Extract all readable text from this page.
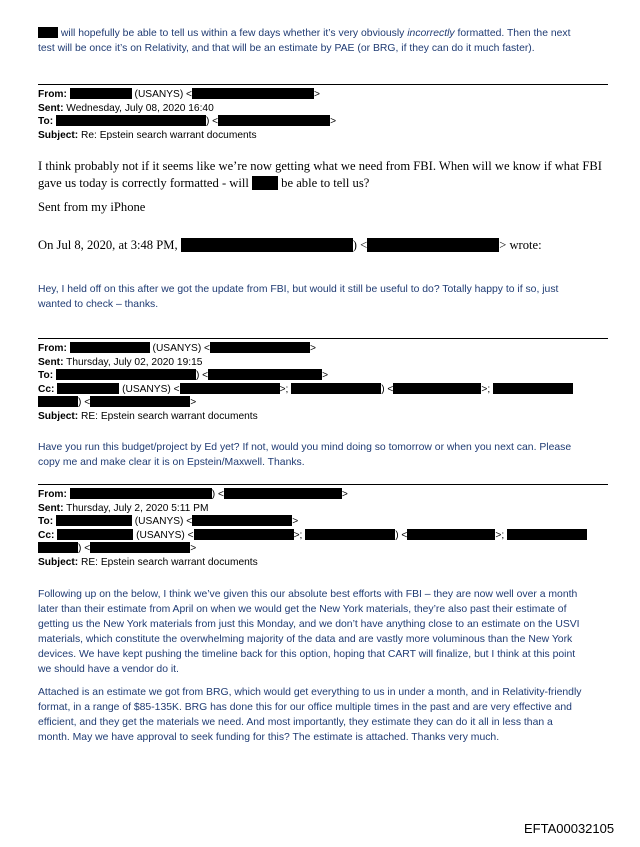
will hopefully be able to tell us within a few days whether it’s very obviously incorrectly formatted. Then the next
test will be once it’s on Relativity, and that will be an estimate by PAE (or BRG, if they can do it much faster).
From:	(USANYS) <	>
Sent: Wednesday, July 08, 2020 16:40
To:	) <	>
Subject: Re: Epstein search warrant documents
I think probably not if it seems like we’re now getting what we need from FBI. When will we know if what FBI
gave us today is correctly formatted - will  be able to tell us?
Sent from my iPhone
On Jul 8, 2020, at 3:48 PM,	) <	> wrote:
Hey, I held off on this after we got the update from FBI, but would it still be useful to do? Totally happy to if so, just
wanted to check – thanks.
From:	(USANYS) <	>
Sent: Thursday, July 02, 2020 19:15
To:	) <	>
Cc:	(USANYS) <	>;	) <	>;
) <	>
Subject: RE: Epstein search warrant documents
Have you run this budget/project by Ed yet? If not, would you mind doing so tomorrow or when you next can. Please
copy me and make clear it is on Epstein/Maxwell. Thanks.
From:	) <	>
Sent: Thursday, July 2, 2020 5:11 PM
To:	(USANYS) <	>
Cc:	(USANYS) <	>;	) <	>;
) <	>
Subject: RE: Epstein search warrant documents
Following up on the below, I think we’ve given this our absolute best efforts with FBI – they are now well over a month
later than their estimate from April on when we would get the New York materials, they’re also past their estimate of
getting us the New York materials from just this Monday, and we don’t have anything close to an estimate on the USVI
materials, which constitute the overwhelming majority of the data and are vastly more voluminous than the New York
devices. We have kept pushing the timeline back for this option, hoping that CART will finalize, but I think at this point
we should have a vendor do it.
Attached is an estimate we got from BRG, which would get everything to us in under a month, and in Relativity-friendly
format, in a range of $85-135K. BRG has done this for our office multiple times in the past and are very effective and
efficient, and they get the materials we need. And most importantly, they estimate they can do it all in less than a
month. May we have approval to seek funding for this? The estimate is attached. Thanks very much.
EFTA00032105
